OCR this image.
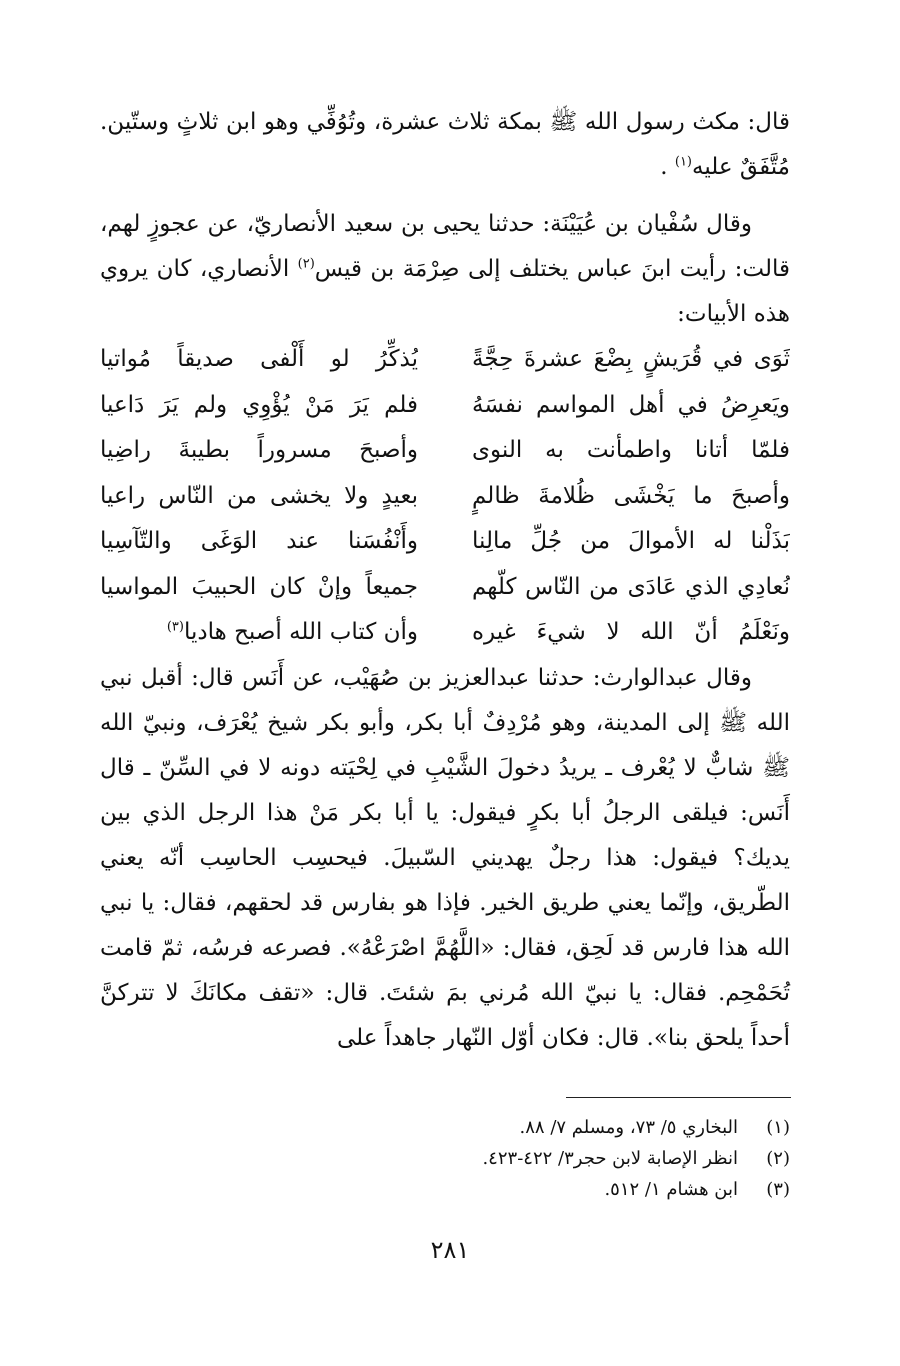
قال: مكث رسول الله ﷺ بمكة ثلاث عشرة، وتُوُفِّي وهو ابن ثلاثٍ وستّين. مُتَّفَقٌ عليه$^{(١)}$ .

وقال سُفْيان بن عُيَيْنَة: حدثنا يحيى بن سعيد الأنصاريّ، عن عجوزٍ لهم، قالت: رأيت ابنَ عباس يختلف إلى صِرْمَة بن قيس$^{(٢)}$ الأنصاري، كان يروي هذه الأبيات:

ثَوَى في قُرَيشٍ بِضْعَ عشرةَ حِجَّةً
يُذكِّرُ لو أَلْفى صديقاً مُواتيا
ويَعرِضُ في أهل المواسم نفسَهُ
فلم يَرَ مَنْ يُؤْوِي ولم يَرَ دَاعيا
فلمّا أتانا واطمأنت به النوى
وأصبحَ مسروراً بطيبةَ راضِيا
وأصبحَ ما يَخْشَى ظُلامةَ ظالمٍ
بعيدٍ ولا يخشى من النّاس راعيا
بَذَلْنا له الأموالَ من جُلِّ مالِنا
وأَنْفُسَنا عند الوَغَى والتّآسِيا
نُعادِي الذي عَادَى من النّاس كلّهم
جميعاً وإنْ كان الحبيبَ المواسيا
ونَعْلَمُ أنّ الله لا شيءَ غيره
وأن كتاب الله أصبح هاديا$^{(٣)}$

وقال عبدالوارث: حدثنا عبدالعزيز بن صُهَيْب، عن أَنَس قال: أقبل نبي الله ﷺ إلى المدينة، وهو مُرْدِفٌ أبا بكر، وأبو بكر شيخ يُعْرَف، ونبيّ الله ﷺ شابٌّ لا يُعْرف ـ يريدُ دخولَ الشَّيْبِ في لِحْيَته دونه لا في السِّنّ ـ قال أَنَس: فيلقى الرجلُ أبا بكرٍ فيقول: يا أبا بكر مَنْ هذا الرجل الذي بين يديك؟ فيقول: هذا رجلٌ يهديني السّبيلَ. فيحسِب الحاسِب أنّه يعني الطّريق، وإنّما يعني طريق الخير. فإذا هو بفارس قد لحقهم، فقال: يا نبي الله هذا فارس قد لَحِق، فقال: «اللَّهُمَّ اصْرَعْهُ». فصرعه فرسُه، ثمّ قامت تُحَمْحِم. فقال: يا نبيّ الله مُرني بمَ شئتَ. قال: «تقف مكانَكَ لا تتركنَّ أحداً يلحق بنا». قال: فكان أوّل النّهار جاهداً على

(١)
البخاري ٥/ ٧٣، ومسلم ٧/ ٨٨.
(٢)
انظر الإصابة لابن حجر٣/ ٤٢٢-٤٢٣.
(٣)
ابن هشام ١/ ٥١٢.
٢٨١
